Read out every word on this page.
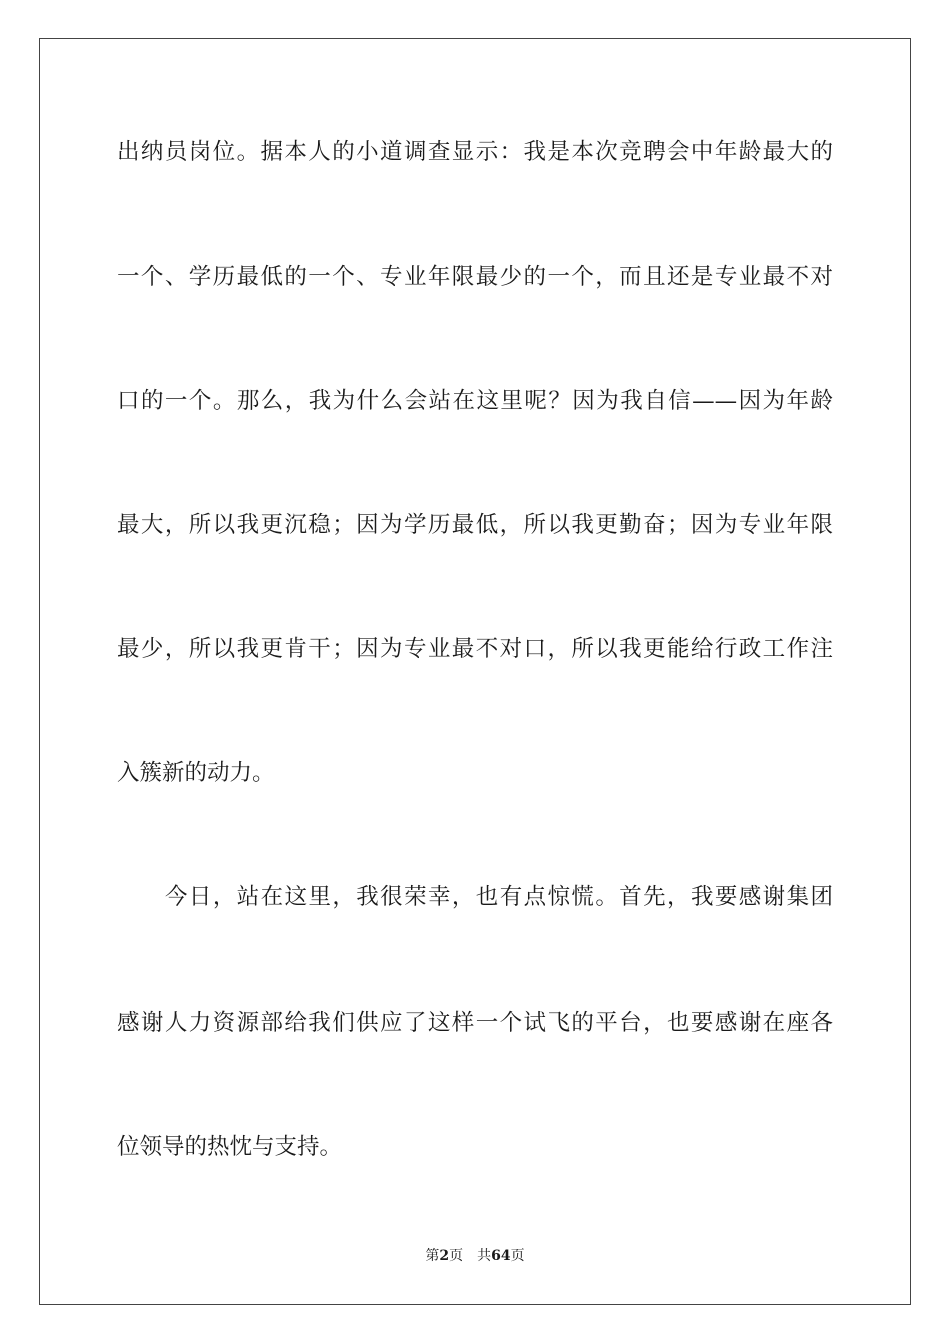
出纳员岗位。据本人的小道调查显示：我是本次竞聘会中年龄最大的
一个、学历最低的一个、专业年限最少的一个，而且还是专业最不对
口的一个。那么，我为什么会站在这里呢？因为我自信——因为年龄
最大，所以我更沉稳；因为学历最低，所以我更勤奋；因为专业年限
最少，所以我更肯干；因为专业最不对口，所以我更能给行政工作注
入簇新的动力。
今日，站在这里，我很荣幸，也有点惊慌。首先，我要感谢集团
感谢人力资源部给我们供应了这样一个试飞的平台，也要感谢在座各
位领导的热忱与支持。
第2页 共64页
